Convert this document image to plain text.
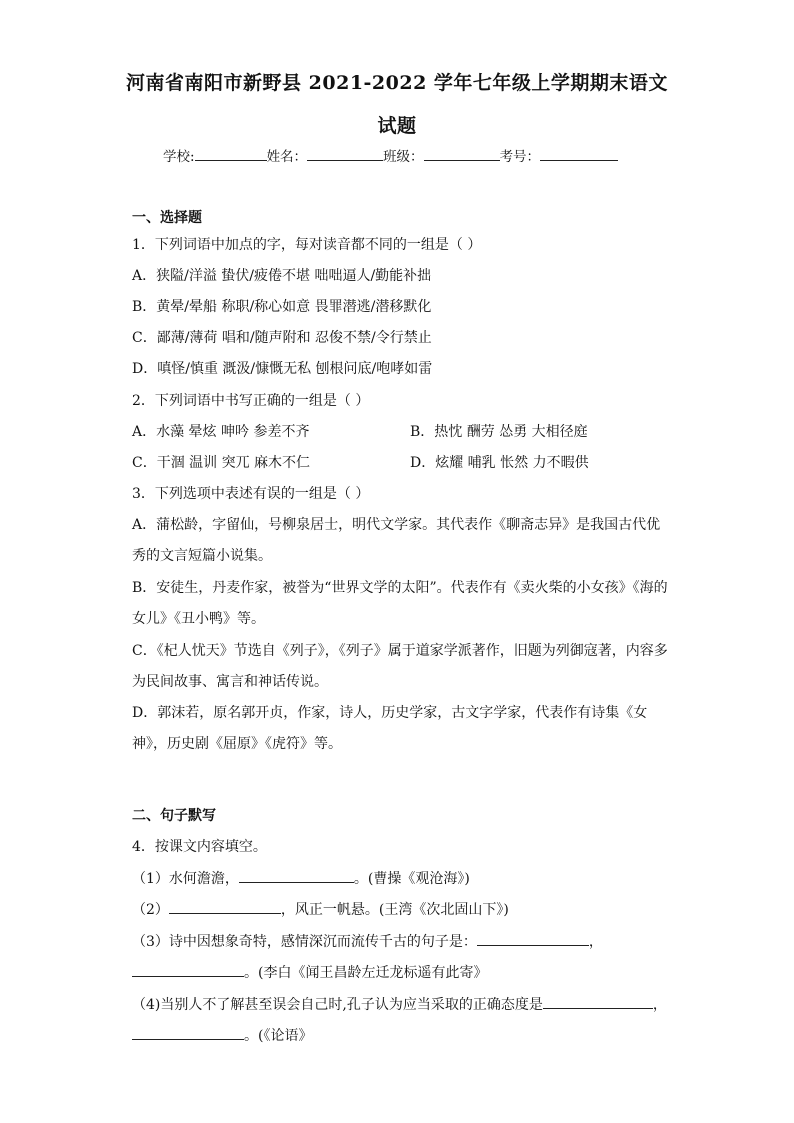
河南省南阳市新野县 2021-2022 学年七年级上学期期末语文
试题
学校:	姓名：	班级：	考号：
一、选择题
1．下列词语中加点的字，每对读音都不同的一组是（ ）
A．狭隘/洋溢 蛰伏/疲倦不堪 咄咄逼人/勤能补拙
B．黄晕/晕船 称职/称心如意 畏罪潜逃/潜移默化
C．鄙薄/薄荷 唱和/随声附和 忍俊不禁/令行禁止
D．嗔怪/慎重 溉汲/慷慨无私 刨根问底/咆哮如雷
2．下列词语中书写正确的一组是（ ）
A．水藻 晕炫 呻吟 参差不齐	B．热忱 酬劳 怂勇 大相径庭
C．干涸 温训 突兀 麻木不仁	D．炫耀 哺乳 怅然 力不暇供
3．下列选项中表述有误的一组是（ ）
A．蒲松龄，字留仙，号柳泉居士，明代文学家。其代表作《聊斋志异》是我国古代优
秀的文言短篇小说集。
B．安徒生，丹麦作家，被誉为“世界文学的太阳”。代表作有《卖火柴的小女孩》《海的
女儿》《丑小鸭》等。
C．《杞人忧天》节选自《列子》，《列子》属于道家学派著作，旧题为列御寇著，内容多
为民间故事、寓言和神话传说。
D．郭沫若，原名郭开贞，作家，诗人，历史学家，古文字学家，代表作有诗集《女
神》，历史剧《屈原》《虎符》等。
二、句子默写
4．按课文内容填空。
（1）水何澹澹，	。(曹操《观沧海》)
（2）	，风正一帆悬。(王湾《次北固山下》)
（3）诗中因想象奇特，感情深沉而流传千古的句子是：	，
。(李白《闻王昌龄左迁龙标遥有此寄》
（4)当别人不了解甚至误会自己时,孔子认为应当采取的正确态度是	，
。(《论语》
